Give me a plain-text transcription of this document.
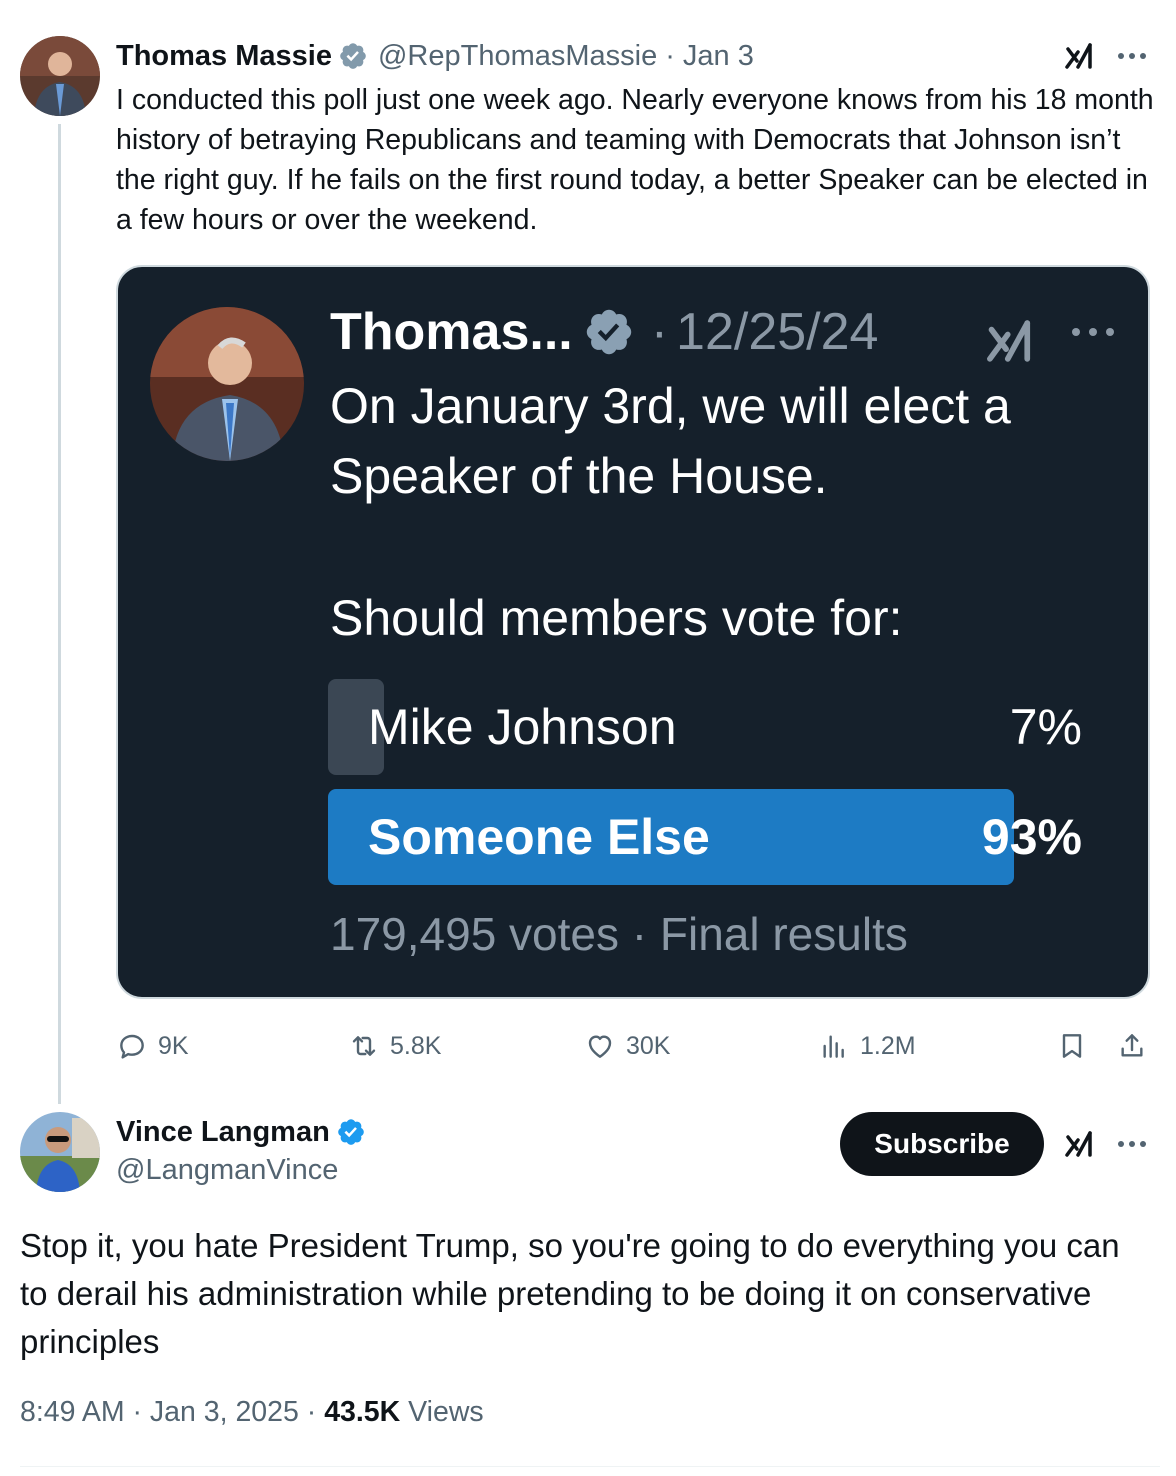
Thomas Massie @RepThomasMassie · Jan 3
I conducted this poll just one week ago. Nearly everyone knows from his 18 month history of betraying Republicans and teaming with Democrats that Johnson isn’t the right guy. If he fails on the first round today, a better Speaker can be elected in a few hours or over the weekend.
Thomas... · 12/25/24
On January 3rd, we will elect a Speaker of the House.
Should members vote for:
Mike Johnson	7%
Someone Else	93%
179,495 votes · Final results
9K	5.8K	30K	1.2M
Vince Langman
@LangmanVince
Subscribe
Stop it, you hate President Trump, so you're going to do everything you can to derail his administration while pretending to be doing it on conservative principles
8:49 AM · Jan 3, 2025 · 43.5K Views
